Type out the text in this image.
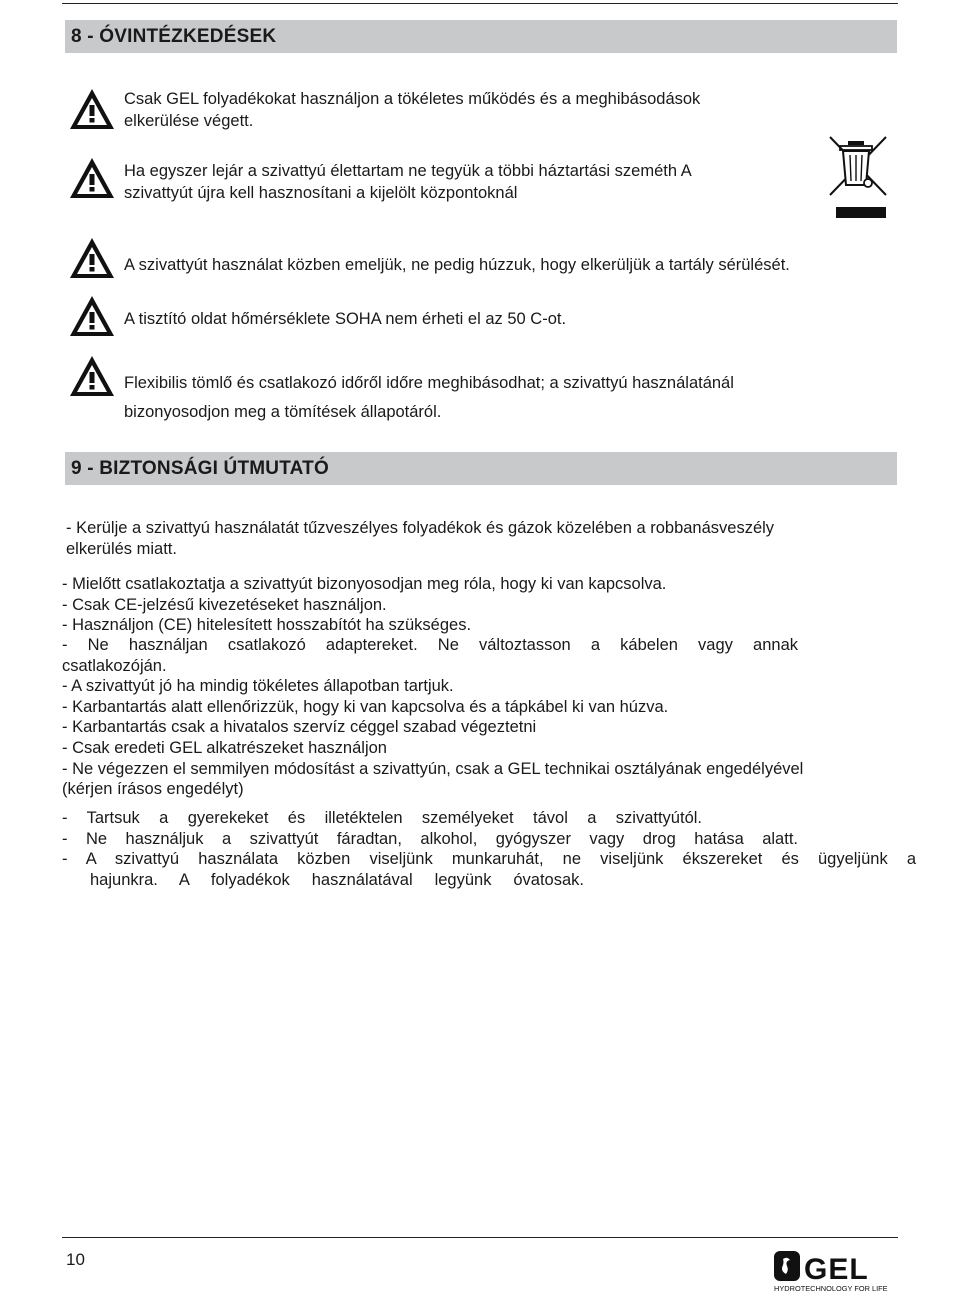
8 - ÓVINTÉZKEDÉSEK
Csak GEL folyadékokat használjon a tökéletes működés és a meghibásodások
elkerülése végett.
Ha egyszer lejár a szivattyú élettartam ne tegyük a többi háztartási szeméth A
szivattyút újra kell hasznosítani a kijelölt központoknál
A szivattyút használat közben emeljük, ne pedig húzzuk, hogy elkerüljük a tartály sérülését.
A tisztító oldat hőmérséklete SOHA nem érheti el az 50 C-ot.
Flexibilis tömlő és csatlakozó időről időre meghibásodhat; a szivattyú használatánál
bizonyosodjon meg a tömítések állapotáról.
9 - BIZTONSÁGI ÚTMUTATÓ
- Kerülje a szivattyú használatát tűzveszélyes folyadékok és gázok közelében a robbanásveszély
elkerülés miatt.
- Mielőtt csatlakoztatja a szivattyút bizonyosodjan meg róla, hogy ki van kapcsolva.
- Csak CE-jelzésű kivezetéseket használjon.
- Használjon (CE) hitelesített hosszabítót ha szükséges.
- Ne használjan csatlakozó adaptereket. Ne változtasson a kábelen vagy annak
csatlakozóján.
- A szivattyút jó ha mindig tökéletes állapotban tartjuk.
- Karbantartás alatt ellenőrizzük, hogy ki van kapcsolva és a tápkábel ki van húzva.
- Karbantartás csak a hivatalos szervíz céggel szabad végeztetni
- Csak eredeti GEL alkatrészeket használjon
- Ne végezzen el semmilyen módosítást a szivattyún, csak a GEL technikai osztályának engedélyével
(kérjen írásos engedélyt)
- Tartsuk a gyerekeket és illetéktelen személyeket távol a szivattyútól.
- Ne használjuk a szivattyút fáradtan, alkohol, gyógyszer vagy drog hatása alatt.
- A szivattyú használata közben viseljünk munkaruhát, ne viseljünk ékszereket és ügyeljünk a
hajunkra. A folyadékok használatával legyünk óvatosak.
10	GEL
HYDROTECHNOLOGY FOR LIFE
